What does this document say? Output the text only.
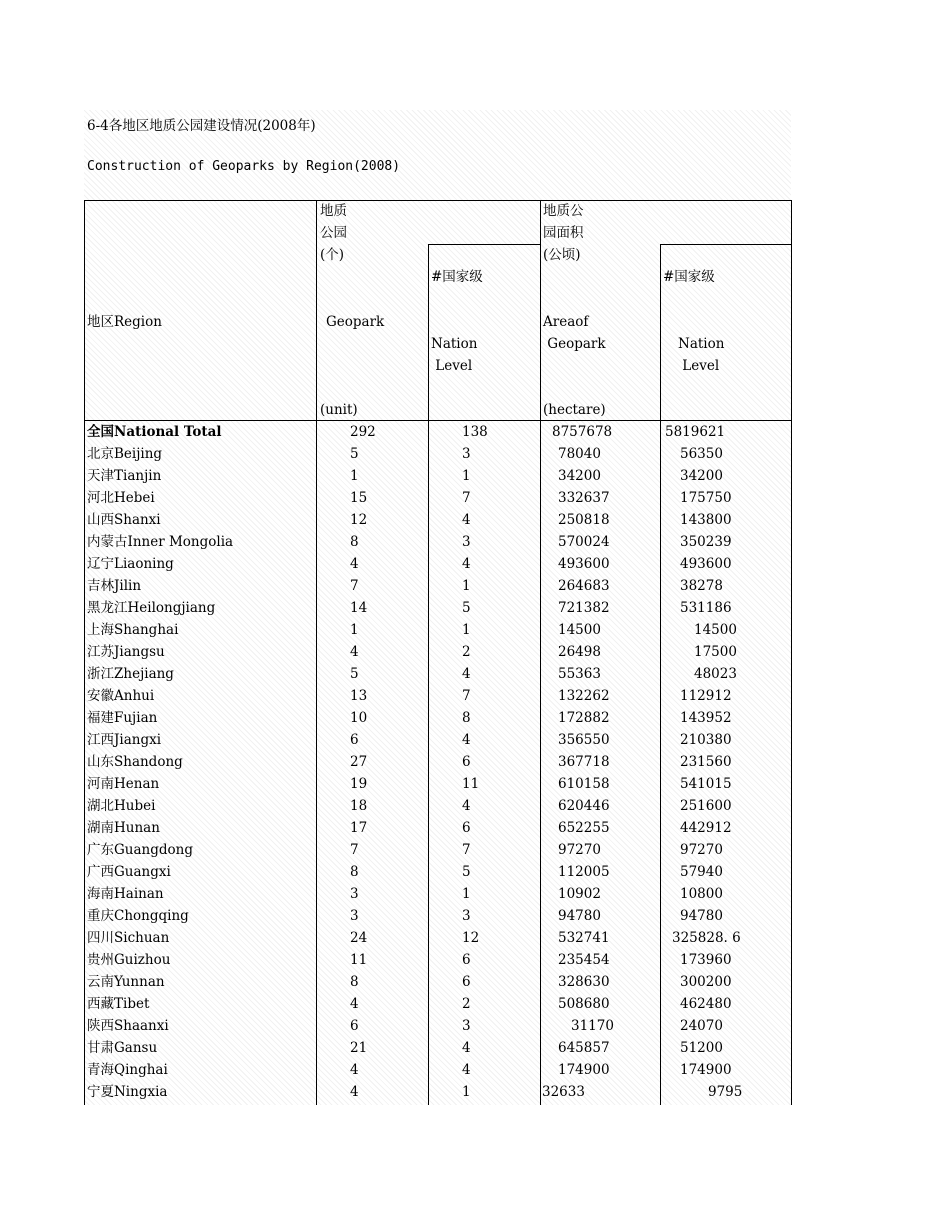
6-4各地区地质公园建设情况(2008年)
Construction of Geoparks by Region(2008)
地区Region
地质
公园
(个)
Geopark
(unit)
#国家级
Nation
Level
地质公
园面积
(公顷)
Areaof
Geopark
(hectare)
#国家级
Nation
Level
全国National Total	292	138	8757678	5819621
北京Beijing	5	3	78040	56350
天津Tianjin	1	1	34200	34200
河北Hebei	15	7	332637	175750
山西Shanxi	12	4	250818	143800
内蒙古Inner Mongolia	8	3	570024	350239
辽宁Liaoning	4	4	493600	493600
吉林Jilin	7	1	264683	38278
黑龙江Heilongjiang	14	5	721382	531186
上海Shanghai	1	1	14500	14500
江苏Jiangsu	4	2	26498	17500
浙江Zhejiang	5	4	55363	48023
安徽Anhui	13	7	132262	112912
福建Fujian	10	8	172882	143952
江西Jiangxi	6	4	356550	210380
山东Shandong	27	6	367718	231560
河南Henan	19	11	610158	541015
湖北Hubei	18	4	620446	251600
湖南Hunan	17	6	652255	442912
广东Guangdong	7	7	97270	97270
广西Guangxi	8	5	112005	57940
海南Hainan	3	1	10902	10800
重庆Chongqing	3	3	94780	94780
四川Sichuan	24	12	532741	325828. 6
贵州Guizhou	11	6	235454	173960
云南Yunnan	8	6	328630	300200
西藏Tibet	4	2	508680	462480
陕西Shaanxi	6	3	31170	24070
甘肃Gansu	21	4	645857	51200
青海Qinghai	4	4	174900	174900
宁夏Ningxia	4	1	32633	9795
